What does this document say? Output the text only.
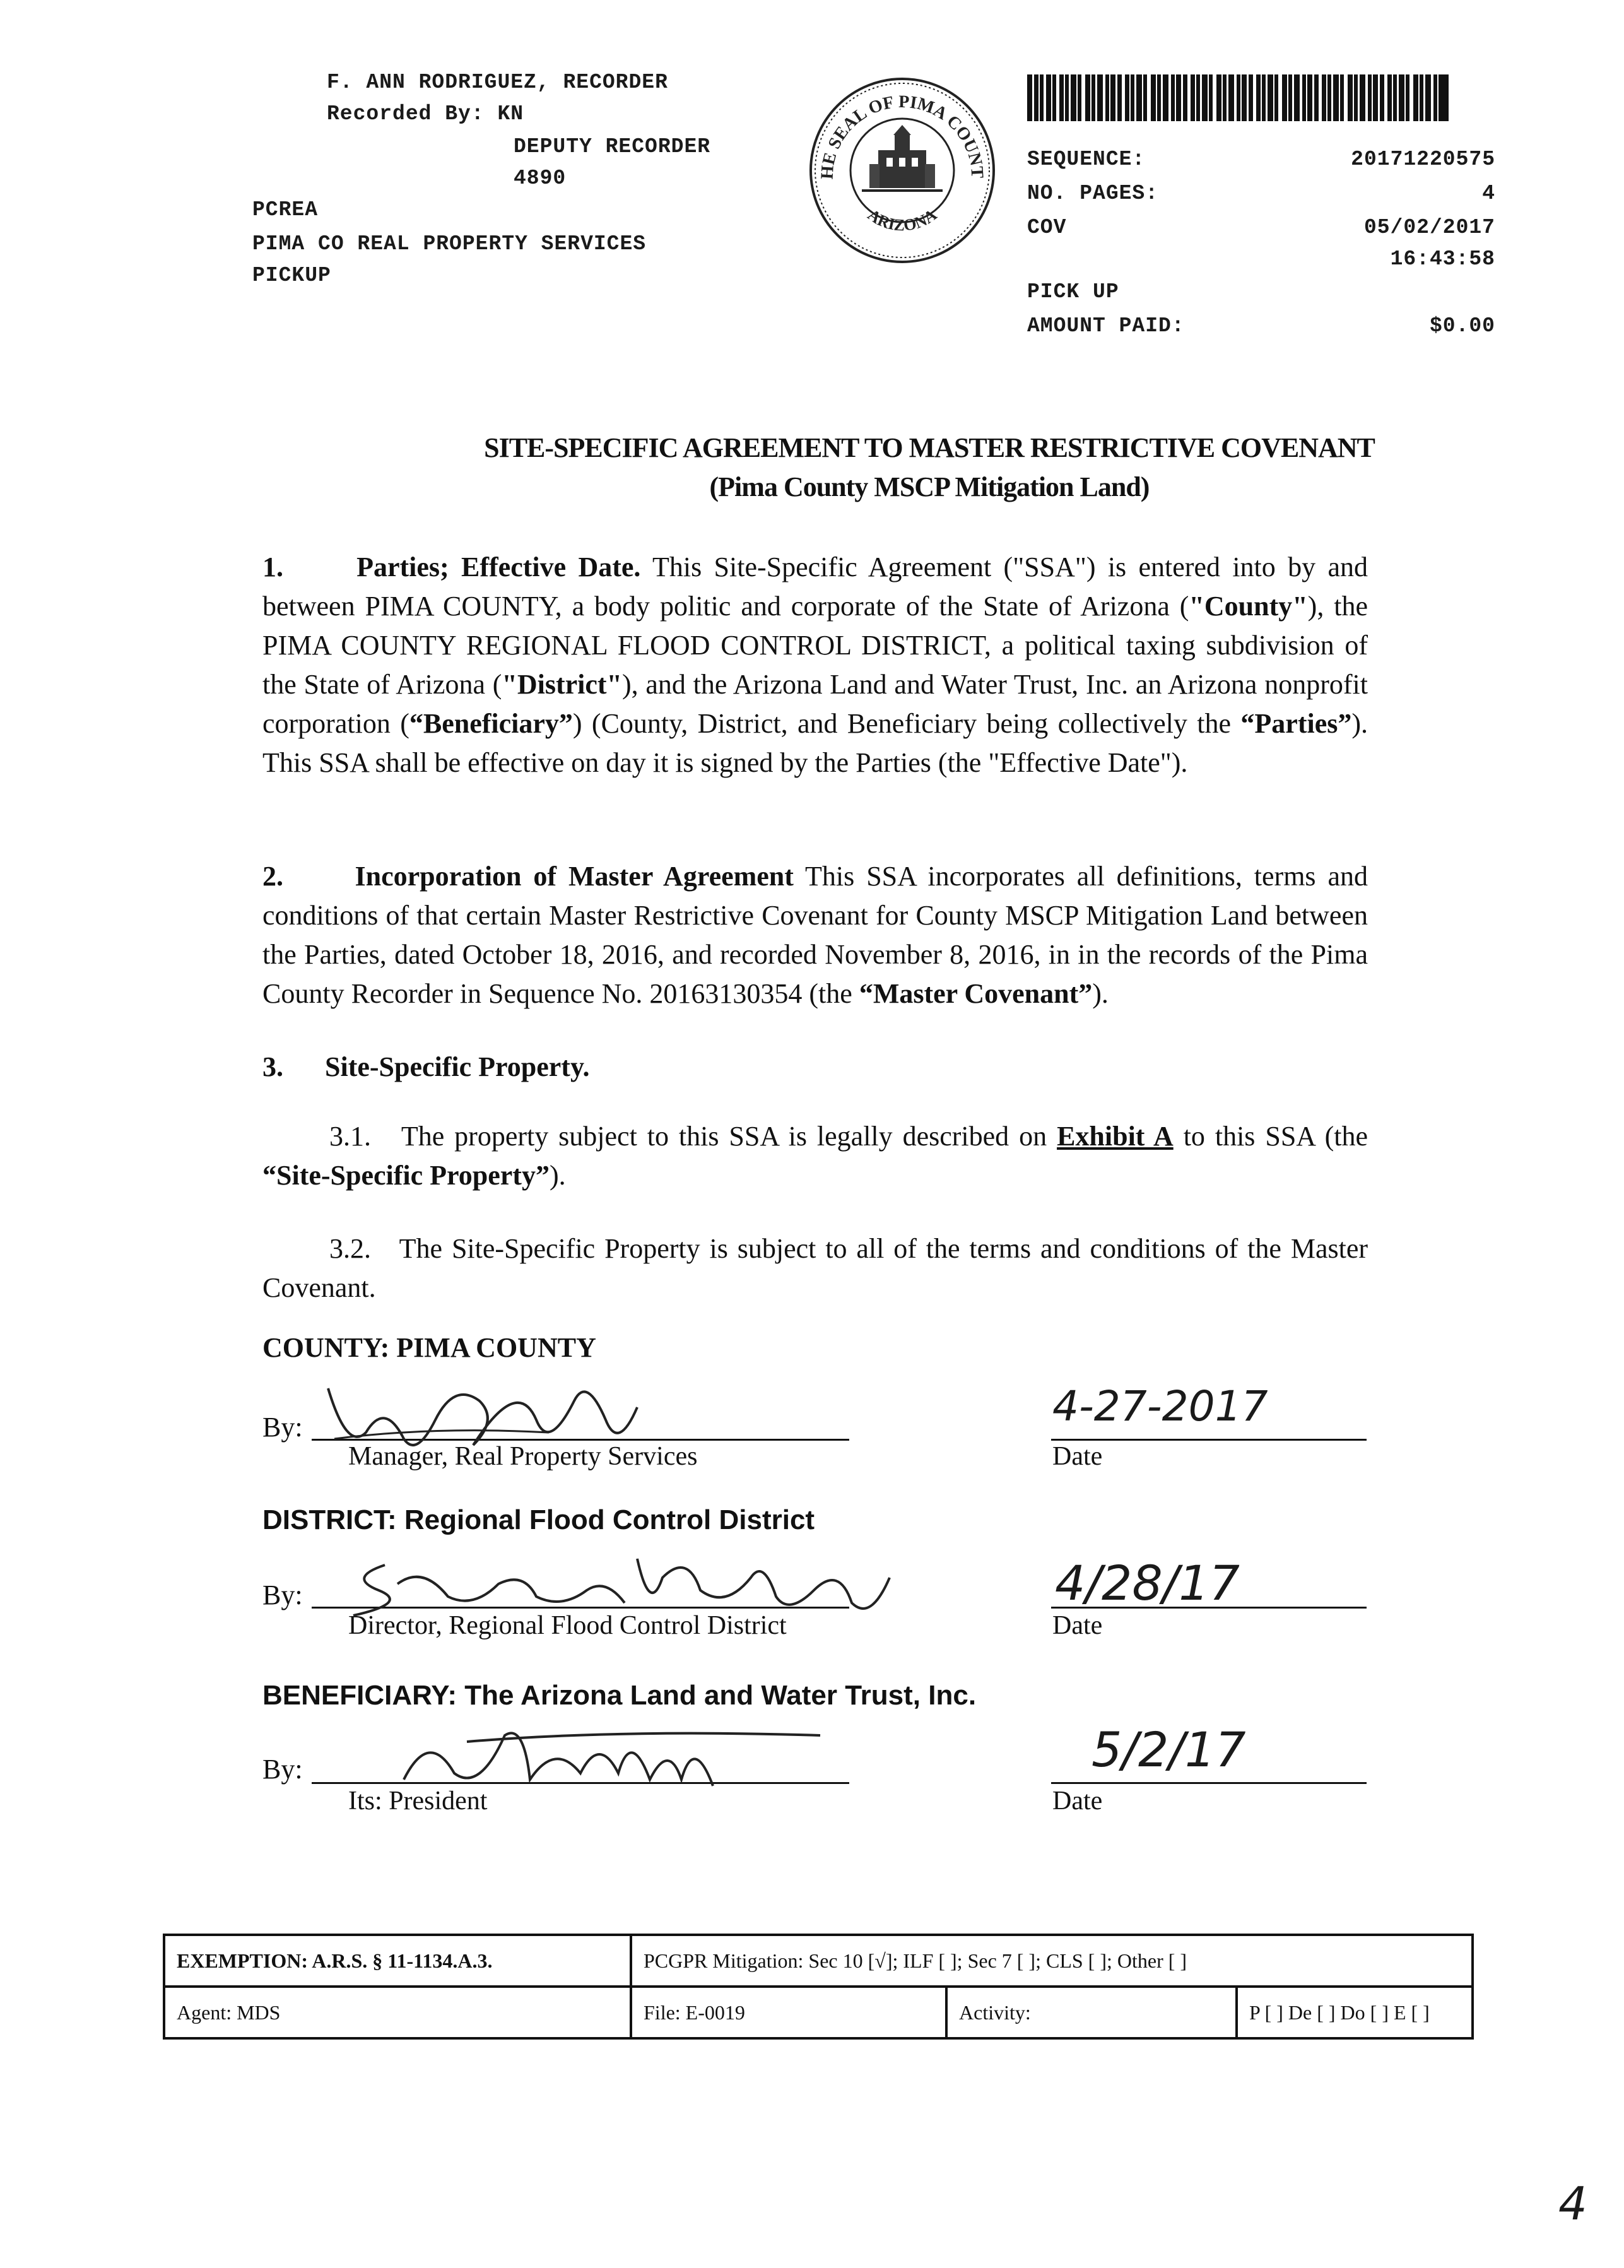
F. ANN RODRIGUEZ, RECORDER
Recorded By: KN
DEPUTY RECORDER
4890
PCREA
PIMA CO REAL PROPERTY SERVICES
PICKUP
HE SEAL OF PIMA COUNT
ARIZONA
SEQUENCE:	20171220575
NO. PAGES:	4
COV	05/02/2017
16:43:58
PICK UP
AMOUNT PAID:	$0.00
SITE-SPECIFIC AGREEMENT TO MASTER RESTRICTIVE COVENANT
(Pima County MSCP Mitigation Land)
1.	Parties; Effective Date. This Site-Specific Agreement ("SSA") is entered into by and between PIMA COUNTY, a body politic and corporate of the State of Arizona ("County"), the PIMA COUNTY REGIONAL FLOOD CONTROL DISTRICT, a political taxing subdivision of the State of Arizona ("District"), and the Arizona Land and Water Trust, Inc. an Arizona nonprofit corporation (“Beneficiary”) (County, District, and Beneficiary being collectively the “Parties”). This SSA shall be effective on day it is signed by the Parties (the "Effective Date").
2.	Incorporation of Master Agreement This SSA incorporates all definitions, terms and conditions of that certain Master Restrictive Covenant for County MSCP Mitigation Land between the Parties, dated October 18, 2016, and recorded November 8, 2016, in in the records of the Pima County Recorder in Sequence No. 20163130354 (the “Master Covenant”).
3. Site-Specific Property.
3.1. The property subject to this SSA is legally described on Exhibit A to this SSA (the “Site-Specific Property”).
3.2. The Site-Specific Property is subject to all of the terms and conditions of the Master Covenant.
COUNTY: PIMA COUNTY
By:
Manager, Real Property Services
4-27-2017
Date
DISTRICT: Regional Flood Control District
By:
Director, Regional Flood Control District
4/28/17
Date
BENEFICIARY: The Arizona Land and Water Trust, Inc.
By:
Its: President
5/2/17
Date
EXEMPTION: A.R.S. § 11-1134.A.3.	PCGPR Mitigation: Sec 10 [√]; ILF [ ]; Sec 7 [ ]; CLS [ ]; Other [ ]		
Agent: MDS	File: E-0019	Activity:	P [ ] De [ ] Do [ ] E [ ]
4
